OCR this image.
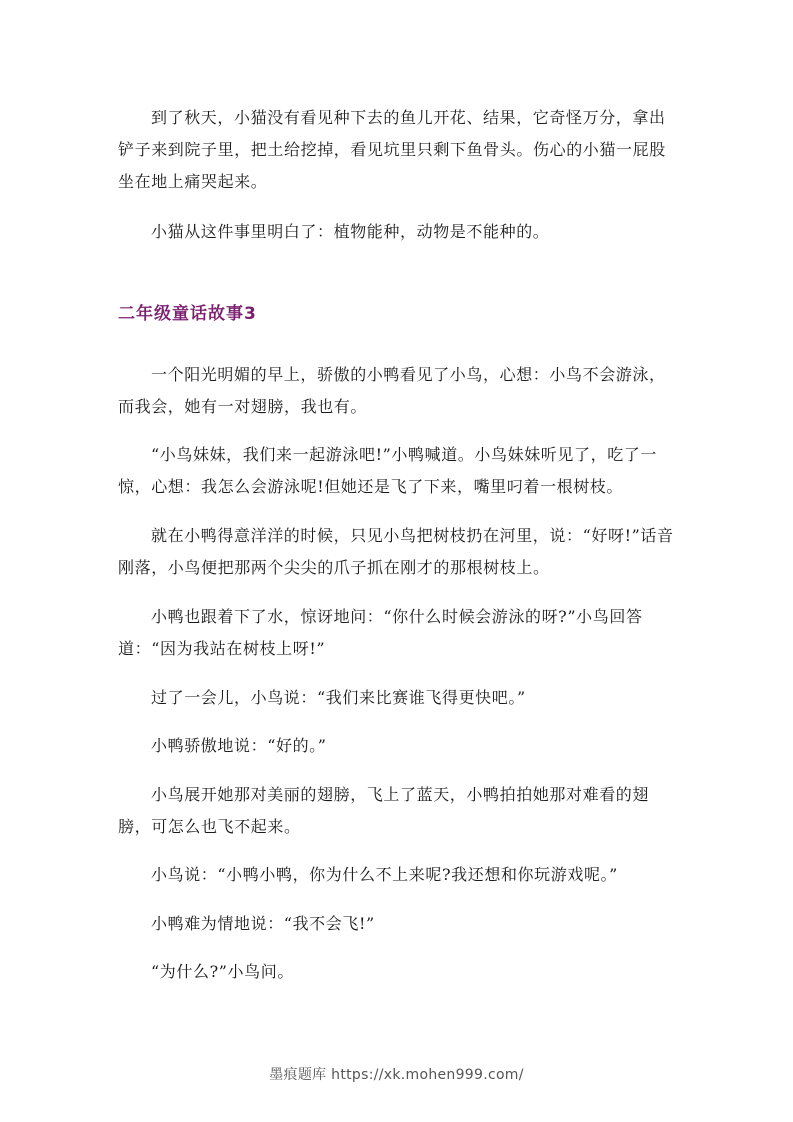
到了秋天，小猫没有看见种下去的鱼儿开花、结果，它奇怪万分，拿出铲子来到院子里，把土给挖掉，看见坑里只剩下鱼骨头。伤心的小猫一屁股坐在地上痛哭起来。

小猫从这件事里明白了：植物能种，动物是不能种的。

二年级童话故事3

一个阳光明媚的早上，骄傲的小鸭看见了小鸟，心想：小鸟不会游泳，而我会，她有一对翅膀，我也有。

“小鸟妹妹，我们来一起游泳吧!”小鸭喊道。小鸟妹妹听见了，吃了一惊，心想：我怎么会游泳呢!但她还是飞了下来，嘴里叼着一根树枝。

就在小鸭得意洋洋的时候，只见小鸟把树枝扔在河里，说：“好呀!”话音刚落，小鸟便把那两个尖尖的爪子抓在刚才的那根树枝上。

小鸭也跟着下了水，惊讶地问：“你什么时候会游泳的呀?”小鸟回答道：“因为我站在树枝上呀!”

过了一会儿，小鸟说：“我们来比赛谁飞得更快吧。”

小鸭骄傲地说：“好的。”

小鸟展开她那对美丽的翅膀，飞上了蓝天，小鸭拍拍她那对难看的翅膀，可怎么也飞不起来。

小鸟说：“小鸭小鸭，你为什么不上来呢?我还想和你玩游戏呢。”

小鸭难为情地说：“我不会飞!”

“为什么?”小鸟问。

墨痕题库 https://xk.mohen999.com/
